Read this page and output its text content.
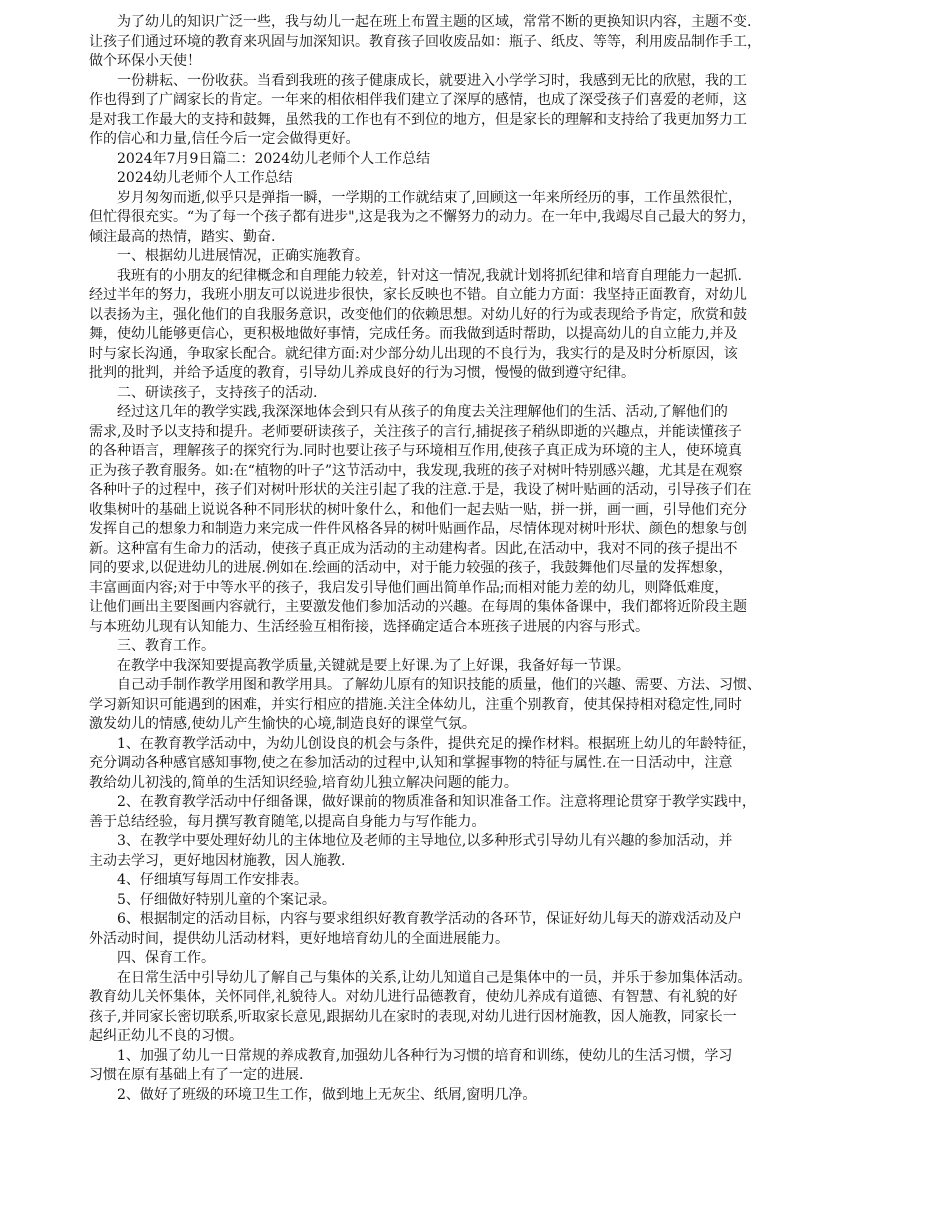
为了幼儿的知识广泛一些，我与幼儿一起在班上布置主题的区域，常常不断的更换知识内容，主题不变.
让孩子们通过环境的教育来巩固与加深知识。教育孩子回收废品如：瓶子、纸皮、等等，利用废品制作手工，
做个环保小天使！
一份耕耘、一份收获。当看到我班的孩子健康成长，就要进入小学学习时，我感到无比的欣慰，我的工
作也得到了广阔家长的肯定。一年来的相依相伴我们建立了深厚的感情，也成了深受孩子们喜爱的老师，这
是对我工作最大的支持和鼓舞，虽然我的工作也有不到位的地方，但是家长的理解和支持给了我更加努力工
作的信心和力量,信任今后一定会做得更好。
2024年7月9日篇二：2024幼儿老师个人工作总结
2024幼儿老师个人工作总结
岁月匆匆而逝,似乎只是弹指一瞬，一学期的工作就结束了,回顾这一年来所经历的事，工作虽然很忙，
但忙得很充实。“为了每一个孩子都有进步",这是我为之不懈努力的动力。在一年中,我竭尽自己最大的努力，
倾注最高的热情，踏实、勤奋.
一、根据幼儿进展情况，正确实施教育。
我班有的小朋友的纪律概念和自理能力较差，针对这一情况,我就计划将抓纪律和培育自理能力一起抓.
经过半年的努力，我班小朋友可以说进步很快，家长反映也不错。自立能力方面：我坚持正面教育，对幼儿
以表扬为主，强化他们的自我服务意识，改变他们的依赖思想。对幼儿好的行为或表现给予肯定，欣赏和鼓
舞，使幼儿能够更信心，更积极地做好事情，完成任务。而我做到适时帮助，以提高幼儿的自立能力,并及
时与家长沟通，争取家长配合。就纪律方面:对少部分幼儿出现的不良行为，我实行的是及时分析原因，该
批判的批判，并给予适度的教育，引导幼儿养成良好的行为习惯，慢慢的做到遵守纪律。
二、研读孩子，支持孩子的活动.
经过这几年的教学实践,我深深地体会到只有从孩子的角度去关注理解他们的生活、活动,了解他们的
需求,及时予以支持和提升。老师要研读孩子，关注孩子的言行,捕捉孩子稍纵即逝的兴趣点，并能读懂孩子
的各种语言，理解孩子的探究行为.同时也要让孩子与环境相互作用,使孩子真正成为环境的主人，使环境真
正为孩子教育服务。如:在“植物的叶子”这节活动中，我发现,我班的孩子对树叶特别感兴趣，尤其是在观察
各种叶子的过程中，孩子们对树叶形状的关注引起了我的注意.于是，我设了树叶贴画的活动，引导孩子们在
收集树叶的基础上说说各种不同形状的树叶象什么，和他们一起去贴一贴，拼一拼，画一画，引导他们充分
发挥自己的想象力和制造力来完成一件件风格各异的树叶贴画作品，尽情体现对树叶形状、颜色的想象与创
新。这种富有生命力的活动，使孩子真正成为活动的主动建构者。因此,在活动中，我对不同的孩子提出不
同的要求,以促进幼儿的进展.例如在.绘画的活动中，对于能力较强的孩子，我鼓舞他们尽量的发挥想象，
丰富画面内容;对于中等水平的孩子，我启发引导他们画出简单作品;而相对能力差的幼儿，则降低难度，
让他们画出主要图画内容就行，主要激发他们参加活动的兴趣。在每周的集体备课中，我们都将近阶段主题
与本班幼儿现有认知能力、生活经验互相衔接，选择确定适合本班孩子进展的内容与形式。
三、教育工作。
在教学中我深知要提高教学质量,关键就是要上好课.为了上好课，我备好每一节课。
自己动手制作教学用图和教学用具。了解幼儿原有的知识技能的质量，他们的兴趣、需要、方法、习惯、
学习新知识可能遇到的困难，并实行相应的措施.关注全体幼儿，注重个别教育，使其保持相对稳定性,同时
激发幼儿的情感,使幼儿产生愉快的心境,制造良好的课堂气氛。
1、在教育教学活动中，为幼儿创设良的机会与条件，提供充足的操作材料。根据班上幼儿的年龄特征，
充分调动各种感官感知事物,使之在参加活动的过程中,认知和掌握事物的特征与属性.在一日活动中，注意
教给幼儿初浅的,简单的生活知识经验,培育幼儿独立解决问题的能力。
2、在教育教学活动中仔细备课，做好课前的物质准备和知识准备工作。注意将理论贯穿于教学实践中，
善于总结经验，每月撰写教育随笔,以提高自身能力与写作能力。
3、在教学中要处理好幼儿的主体地位及老师的主导地位,以多种形式引导幼儿有兴趣的参加活动，并
主动去学习，更好地因材施教，因人施教.
4、仔细填写每周工作安排表。
5、仔细做好特别儿童的个案记录。
6、根据制定的活动目标，内容与要求组织好教育教学活动的各环节，保证好幼儿每天的游戏活动及户
外活动时间，提供幼儿活动材料，更好地培育幼儿的全面进展能力。
四、保育工作。
在日常生活中引导幼儿了解自己与集体的关系,让幼儿知道自己是集体中的一员，并乐于参加集体活动。
教育幼儿关怀集体，关怀同伴,礼貌待人。对幼儿进行品德教育，使幼儿养成有道德、有智慧、有礼貌的好
孩子,并同家长密切联系,听取家长意见,跟据幼儿在家时的表现,对幼儿进行因材施教，因人施教，同家长一
起纠正幼儿不良的习惯。
1、加强了幼儿一日常规的养成教育,加强幼儿各种行为习惯的培育和训练，使幼儿的生活习惯，学习
习惯在原有基础上有了一定的进展.
2、做好了班级的环境卫生工作，做到地上无灰尘、纸屑,窗明几净。
